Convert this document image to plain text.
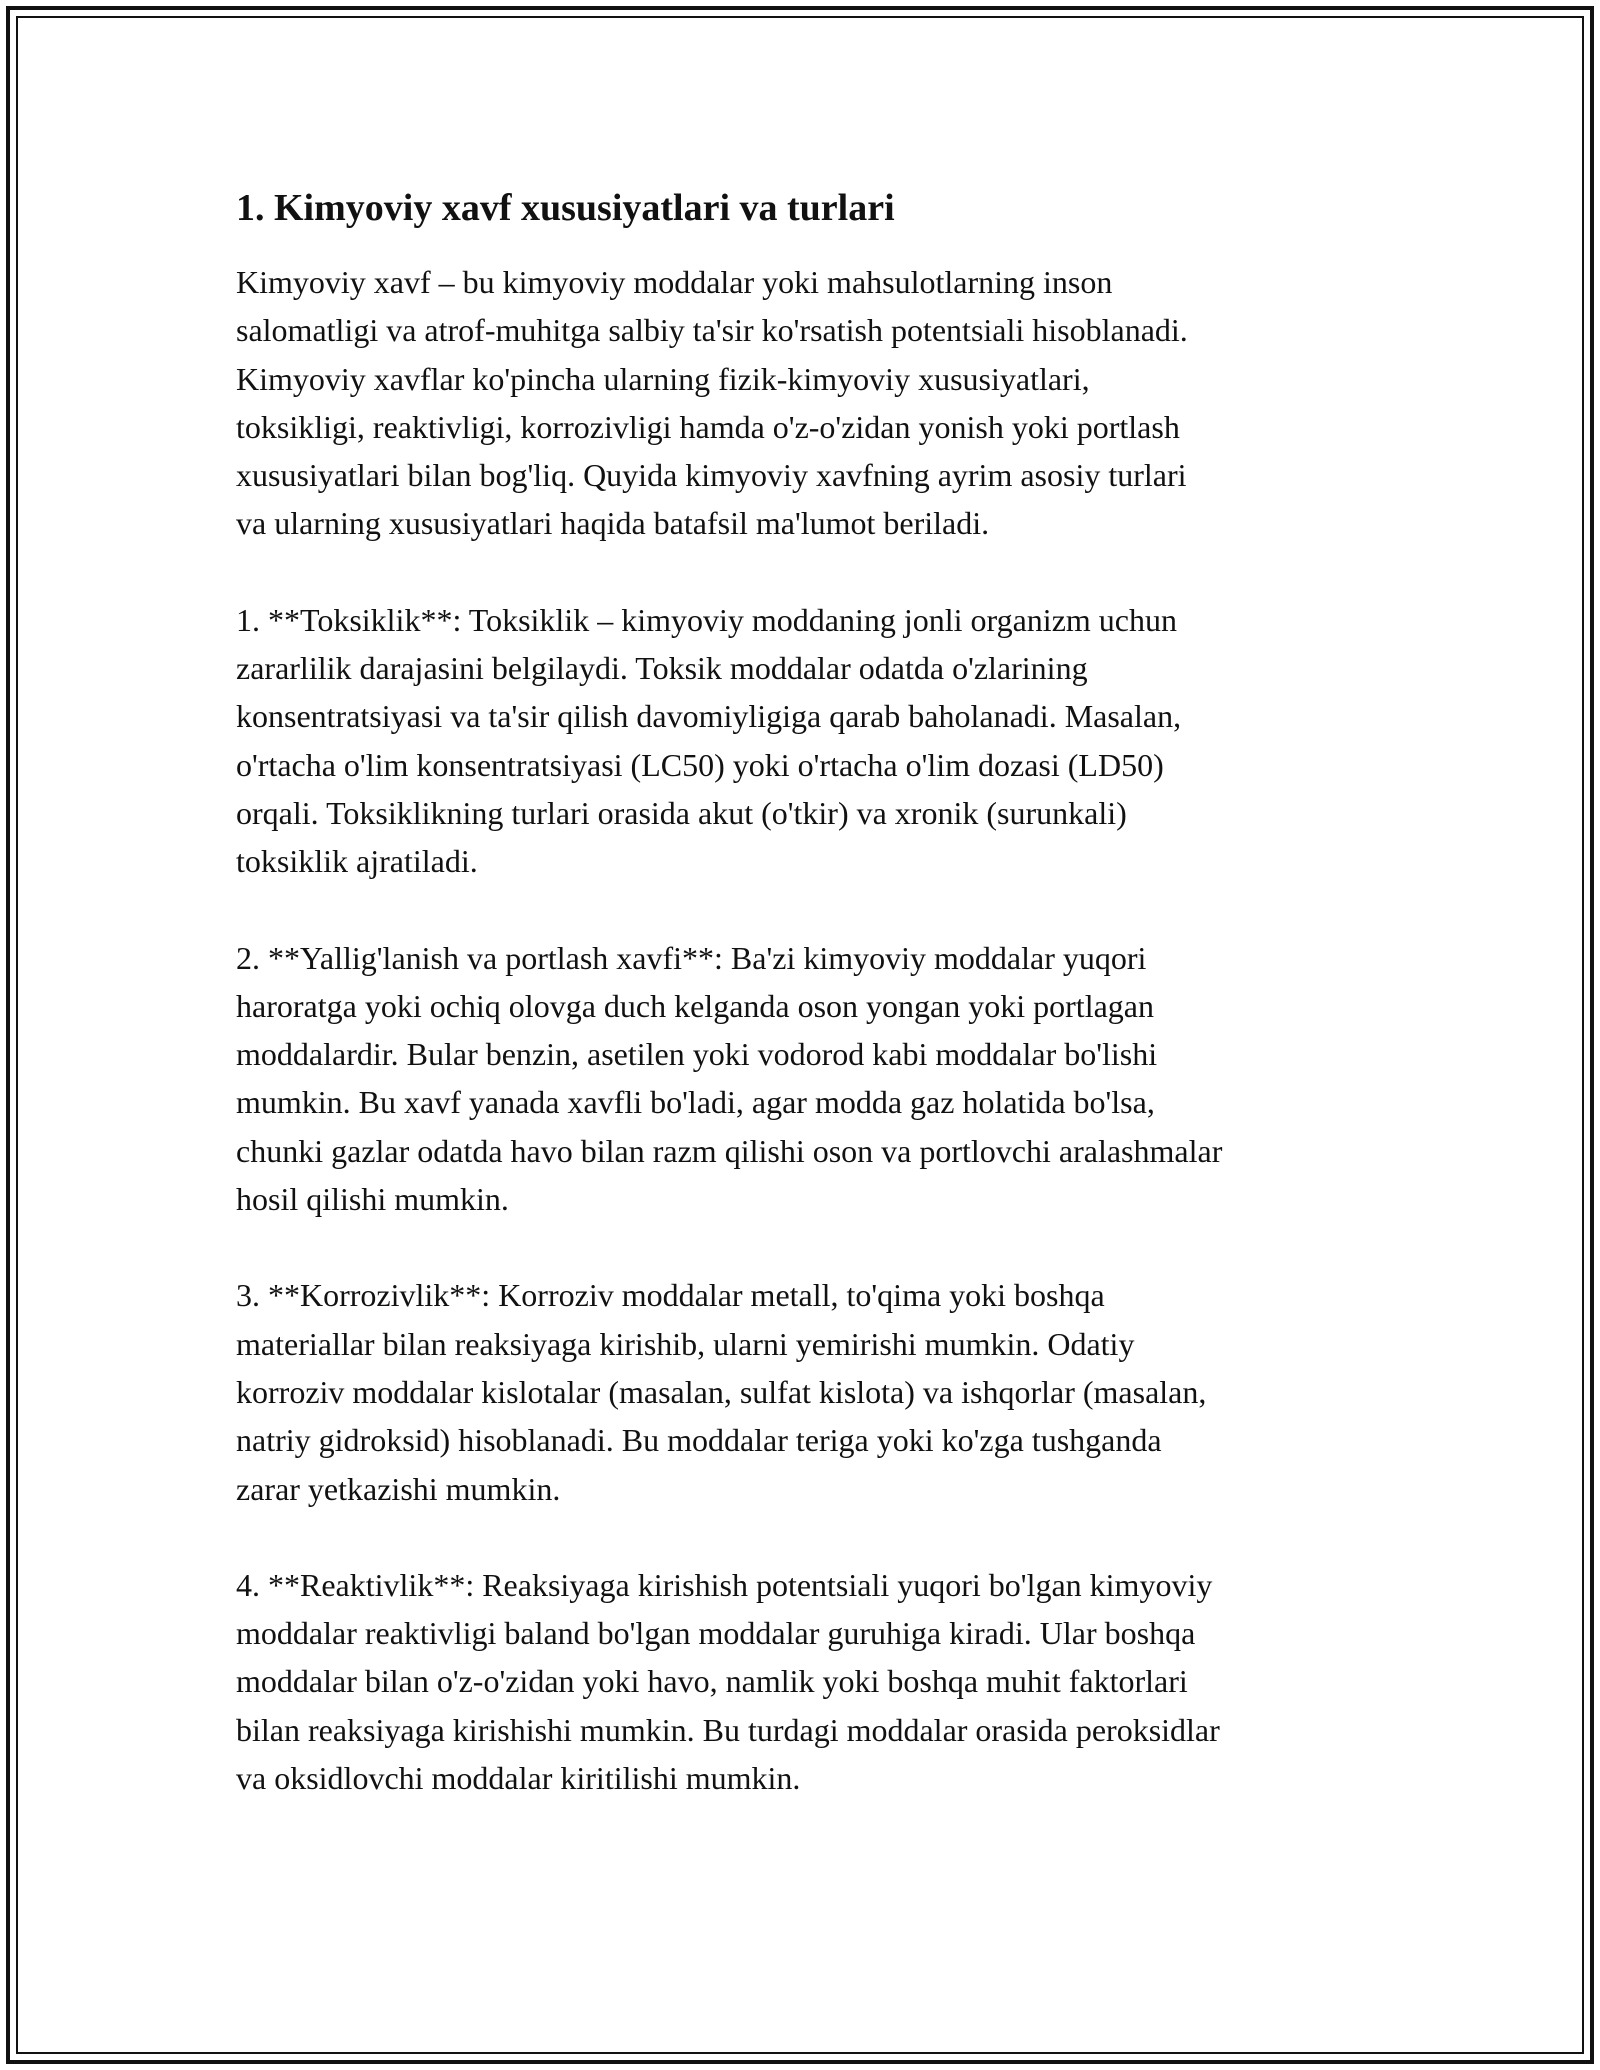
1. Kimyoviy xavf xususiyatlari va turlari

Kimyoviy xavf – bu kimyoviy moddalar yoki mahsulotlarning inson
salomatligi va atrof-muhitga salbiy ta'sir ko'rsatish potentsiali hisoblanadi.
Kimyoviy xavflar ko'pincha ularning fizik-kimyoviy xususiyatlari,
toksikligi, reaktivligi, korrozivligi hamda o'z-o'zidan yonish yoki portlash
xususiyatlari bilan bog'liq. Quyida kimyoviy xavfning ayrim asosiy turlari
va ularning xususiyatlari haqida batafsil ma'lumot beriladi.

1. **Toksiklik**: Toksiklik – kimyoviy moddaning jonli organizm uchun
zararlilik darajasini belgilaydi. Toksik moddalar odatda o'zlarining
konsentratsiyasi va ta'sir qilish davomiyligiga qarab baholanadi. Masalan,
o'rtacha o'lim konsentratsiyasi (LC50) yoki o'rtacha o'lim dozasi (LD50)
orqali. Toksiklikning turlari orasida akut (o'tkir) va xronik (surunkali)
toksiklik ajratiladi.

2. **Yallig'lanish va portlash xavfi**: Ba'zi kimyoviy moddalar yuqori
haroratga yoki ochiq olovga duch kelganda oson yongan yoki portlagan
moddalardir. Bular benzin, asetilen yoki vodorod kabi moddalar bo'lishi
mumkin. Bu xavf yanada xavfli bo'ladi, agar modda gaz holatida bo'lsa,
chunki gazlar odatda havo bilan razm qilishi oson va portlovchi aralashmalar
hosil qilishi mumkin.

3. **Korrozivlik**: Korroziv moddalar metall, to'qima yoki boshqa
materiallar bilan reaksiyaga kirishib, ularni yemirishi mumkin. Odatiy
korroziv moddalar kislotalar (masalan, sulfat kislota) va ishqorlar (masalan,
natriy gidroksid) hisoblanadi. Bu moddalar teriga yoki ko'zga tushganda
zarar yetkazishi mumkin.

4. **Reaktivlik**: Reaksiyaga kirishish potentsiali yuqori bo'lgan kimyoviy
moddalar reaktivligi baland bo'lgan moddalar guruhiga kiradi. Ular boshqa
moddalar bilan o'z-o'zidan yoki havo, namlik yoki boshqa muhit faktorlari
bilan reaksiyaga kirishishi mumkin. Bu turdagi moddalar orasida peroksidlar
va oksidlovchi moddalar kiritilishi mumkin.
